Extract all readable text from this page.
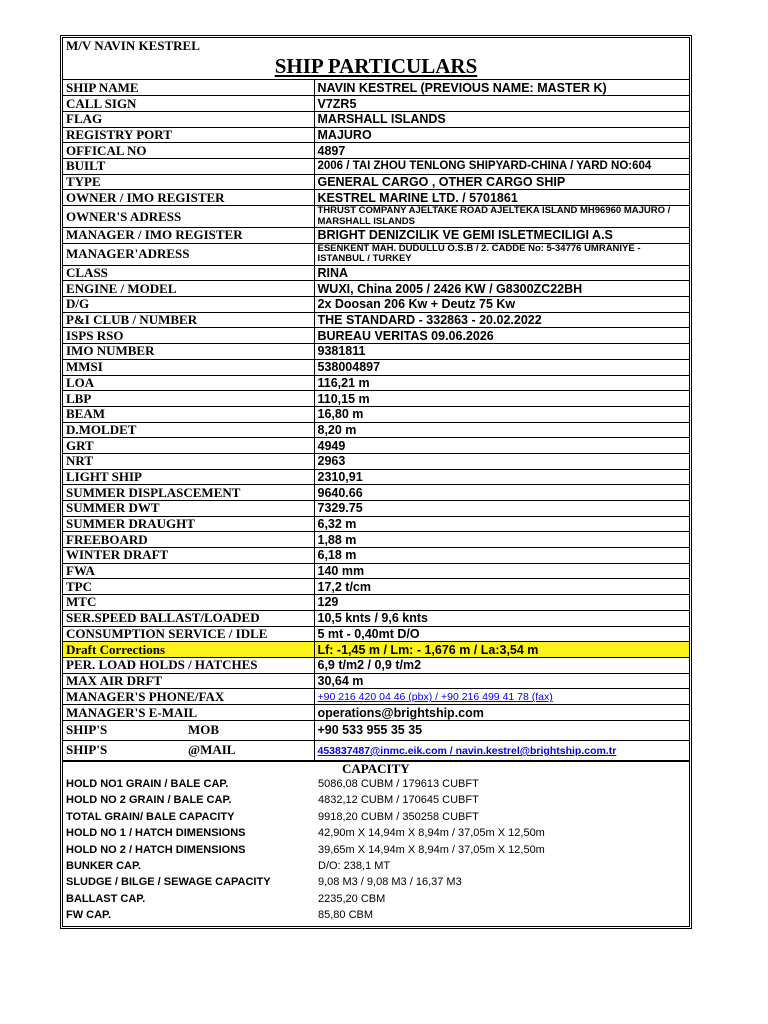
M/V NAVIN KESTREL
SHIP PARTICULARS
SHIP NAME	NAVIN KESTREL (PREVIOUS NAME: MASTER K)
CALL SIGN	V7ZR5
FLAG	MARSHALL ISLANDS
REGISTRY PORT	MAJURO
OFFICAL NO	4897
BUILT	2006 / TAI ZHOU TENLONG SHIPYARD-CHINA / YARD NO:604
TYPE	GENERAL CARGO , OTHER CARGO SHIP
OWNER / IMO REGISTER	KESTREL MARINE LTD. / 5701861
OWNER'S ADRESS	THRUST COMPANY AJELTAKE ROAD AJELTEKA ISLAND MH96960 MAJURO / MARSHALL ISLANDS
MANAGER / IMO REGISTER	BRIGHT DENIZCILIK VE GEMI ISLETMECILIGI A.S
MANAGER'ADRESS	ESENKENT MAH. DUDULLU O.S.B / 2. CADDE No: 5-34776 UMRANIYE -ISTANBUL / TURKEY
CLASS	RINA
ENGINE / MODEL	WUXI, China 2005 / 2426 KW / G8300ZC22BH
D/G	2x Doosan 206 Kw + Deutz 75 Kw
P&I CLUB / NUMBER	THE STANDARD - 332863 - 20.02.2022
ISPS RSO	BUREAU VERITAS 09.06.2026
IMO NUMBER	9381811
MMSI	538004897
LOA	116,21 m
LBP	110,15 m
BEAM	16,80 m
D.MOLDET	8,20 m
GRT	4949
NRT	2963
LIGHT SHIP	2310,91
SUMMER DISPLASCEMENT	9640.66
SUMMER DWT	7329.75
SUMMER DRAUGHT	6,32 m
FREEBOARD	1,88 m
WINTER DRAFT	6,18 m
FWA	140 mm
TPC	17,2 t/cm
MTC	129
SER.SPEED BALLAST/LOADED	10,5 knts / 9,6 knts
CONSUMPTION SERVICE / IDLE	5 mt - 0,40mt D/O
Draft Corrections	Lf: -1,45 m / Lm: - 1,676 m / La:3,54 m
PER. LOAD HOLDS / HATCHES	6,9 t/m2 / 0,9 t/m2
MAX AIR DRFT	30,64 m
MANAGER'S PHONE/FAX	+90 216 420 04 46 (pbx) / +90 216 499 41 78 (fax)
MANAGER'S E-MAIL	operations@brightship.com
SHIP'S MOB	+90 533 955 35 35
SHIP'S @MAIL	453837487@inmc.eik.com / navin.kestrel@brightship.com.tr
CAPACITY
HOLD NO1 GRAIN / BALE CAP.	5086,08 CUBM / 179613 CUBFT
HOLD NO 2 GRAIN / BALE CAP.	4832,12 CUBM / 170645 CUBFT
TOTAL GRAIN/ BALE CAPACITY	9918,20 CUBM / 350258 CUBFT
HOLD NO 1 / HATCH DIMENSIONS	42,90m X 14,94m X 8,94m / 37,05m X 12,50m
HOLD NO 2 / HATCH DIMENSIONS	39,65m X 14,94m X 8,94m / 37,05m X 12,50m
BUNKER CAP.	D/O: 238,1 MT
SLUDGE / BILGE / SEWAGE CAPACITY	9,08 M3 / 9,08 M3 / 16,37 M3
BALLAST CAP.	2235,20 CBM
FW CAP.	85,80 CBM
